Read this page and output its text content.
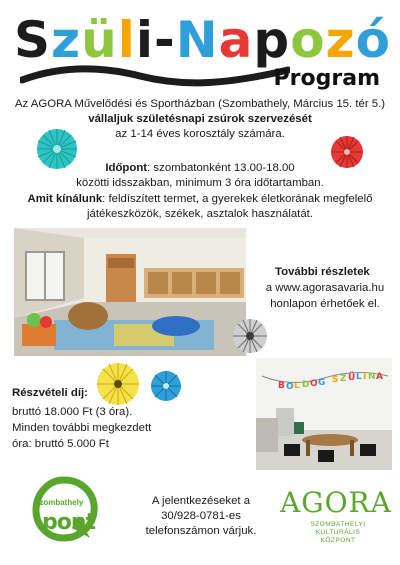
Szüli-Napozó
Program
Az AGORA Művelődési és Sportházban (Szombathely, Március 15. tér 5.)
vállaljuk születésnapi zsúrok szervezését
az 1-14 éves korosztály számára.
Időpont: szombatonként 13.00-18.00
közötti idsszakban, minimum 3 óra időtartamban.
Amit kínálunk: feldíszített termet, a gyerekek életkorának megfelelő
játékeszközök, székek, asztalok használatát.
További részletek
a www.agorasavaria.hu
honlapon érhetőek el.
Részvételi díj:
bruttó 18.000 Ft (3 óra).
Minden további megkezdett
óra: bruttó 5.000 Ft
B O L D O G S Z Ü L I N A
Szombathely
pont
A jelentkezéseket a
30/928-0781-es
telefonszámon várjuk.
AGORA
SZOMBATHELYI
KULTURÁLIS
KÖZPONT
